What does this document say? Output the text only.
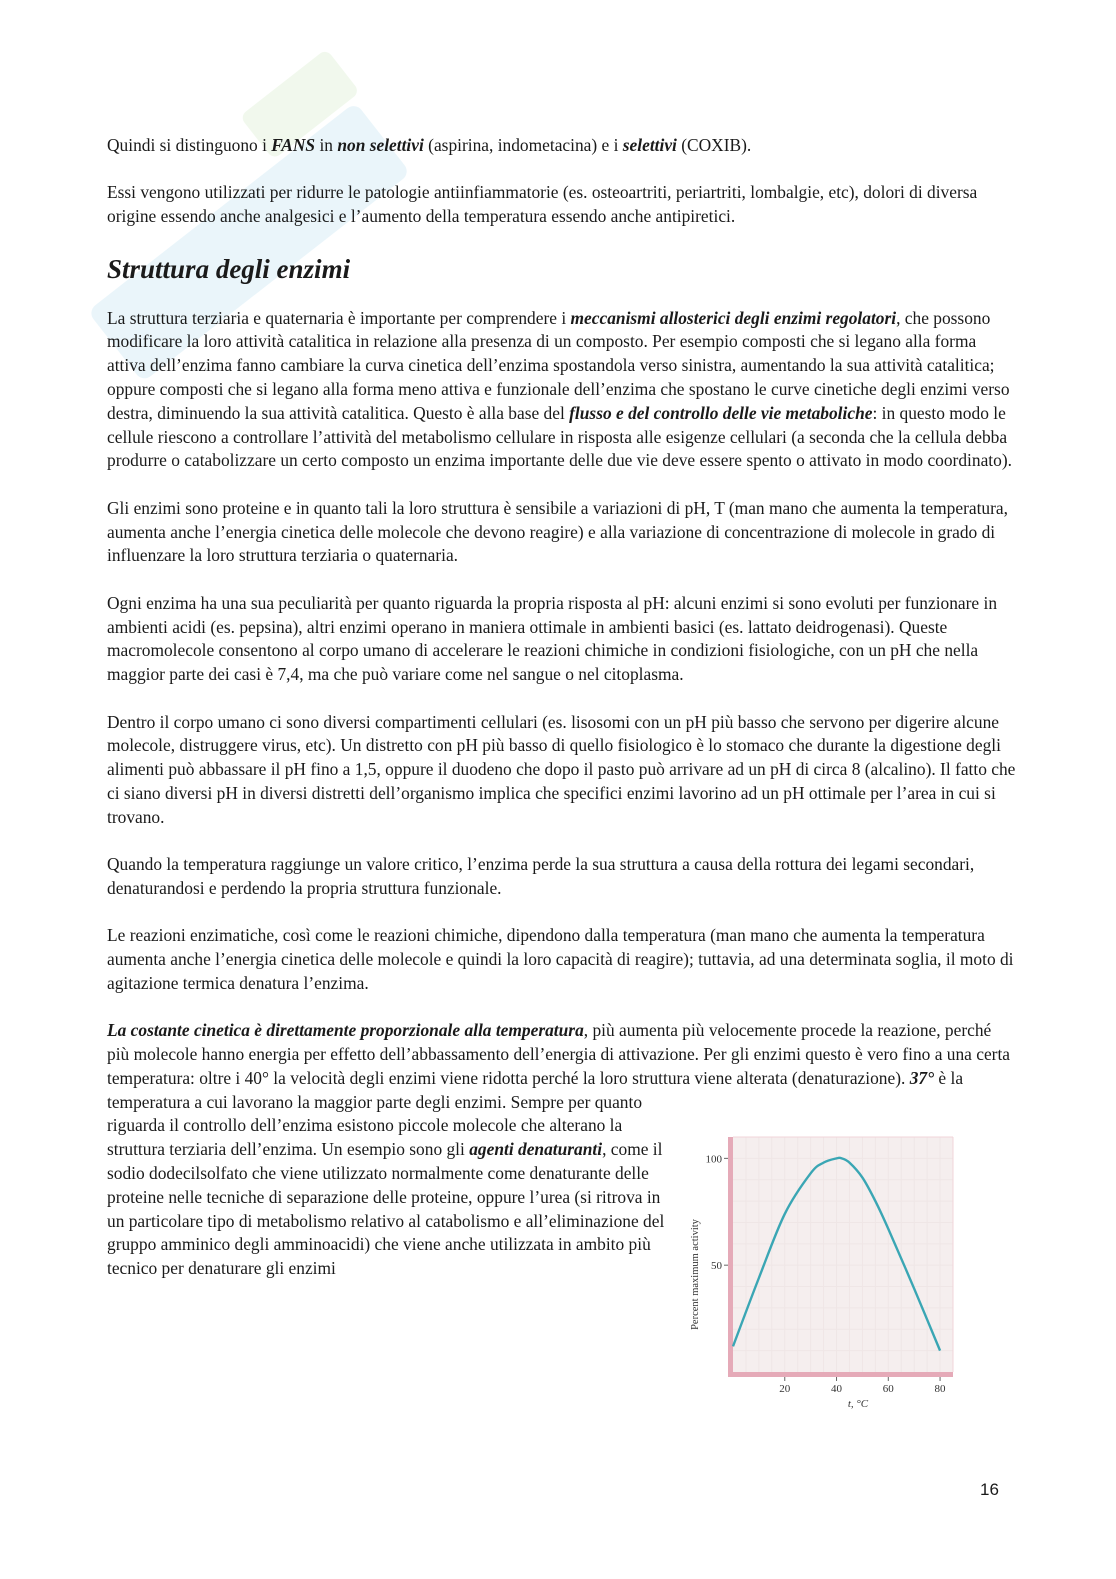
Quindi si distinguono i FANS in non selettivi (aspirina, indometacina) e i selettivi (COXIB).

Essi vengono utilizzati per ridurre le patologie antiinfiammatorie (es. osteoartriti, periartriti, lombalgie, etc), dolori di diversa origine essendo anche analgesici e l’aumento della temperatura essendo anche antipiretici.

Struttura degli enzimi

La struttura terziaria e quaternaria è importante per comprendere i meccanismi allosterici degli enzimi regolatori, che possono modificare la loro attività catalitica in relazione alla presenza di un composto. Per esempio composti che si legano alla forma attiva dell’enzima fanno cambiare la curva cinetica dell’enzima spostandola verso sinistra, aumentando la sua attività catalitica; oppure composti che si legano alla forma meno attiva e funzionale dell’enzima che spostano le curve cinetiche degli enzimi verso destra, diminuendo la sua attività catalitica. Questo è alla base del flusso e del controllo delle vie metaboliche: in questo modo le cellule riescono a controllare l’attività del metabolismo cellulare in risposta alle esigenze cellulari (a seconda che la cellula debba produrre o catabolizzare un certo composto un enzima importante delle due vie deve essere spento o attivato in modo coordinato).

Gli enzimi sono proteine e in quanto tali la loro struttura è sensibile a variazioni di pH, T (man mano che aumenta la temperatura, aumenta anche l’energia cinetica delle molecole che devono reagire) e alla variazione di concentrazione di molecole in grado di influenzare la loro struttura terziaria o quaternaria.

Ogni enzima ha una sua peculiarità per quanto riguarda la propria risposta al pH: alcuni enzimi si sono evoluti per funzionare in ambienti acidi (es. pepsina), altri enzimi operano in maniera ottimale in ambienti basici (es. lattato deidrogenasi). Queste macromolecole consentono al corpo umano di accelerare le reazioni chimiche in condizioni fisiologiche, con un pH che nella maggior parte dei casi è 7,4, ma che può variare come nel sangue o nel citoplasma.

Dentro il corpo umano ci sono diversi compartimenti cellulari (es. lisosomi con un pH più basso che servono per digerire alcune molecole, distruggere virus, etc). Un distretto con pH più basso di quello fisiologico è lo stomaco che durante la digestione degli alimenti può abbassare il pH fino a 1,5, oppure il duodeno che dopo il pasto può arrivare ad un pH di circa 8 (alcalino). Il fatto che ci siano diversi pH in diversi distretti dell’organismo implica che specifici enzimi lavorino ad un pH ottimale per l’area in cui si trovano.

Quando la temperatura raggiunge un valore critico, l’enzima perde la sua struttura a causa della rottura dei legami secondari, denaturandosi e perdendo la propria struttura funzionale.

Le reazioni enzimatiche, così come le reazioni chimiche, dipendono dalla temperatura (man mano che aumenta la temperatura aumenta anche l’energia cinetica delle molecole e quindi la loro capacità di reagire); tuttavia, ad una determinata soglia, il moto di agitazione termica denatura l’enzima.

La costante cinetica è direttamente proporzionale alla temperatura, più aumenta più velocemente procede la reazione, perché più molecole hanno energia per effetto dell’abbassamento dell’energia di attivazione. Per gli enzimi questo è vero fino a una certa temperatura: oltre i 40° la velocità degli enzimi viene ridotta perché la loro struttura viene alterata (denaturazione).
20	40	60	80
50
100
t, °C
Percent maximum activity
37° è la temperatura a cui lavorano la maggior parte degli enzimi. Sempre per quanto riguarda il controllo dell’enzima esistono piccole molecole che alterano la struttura terziaria dell’enzima. Un esempio sono gli agenti denaturanti, come il sodio dodecilsolfato che viene utilizzato normalmente come denaturante delle proteine nelle tecniche di separazione delle proteine, oppure l’urea (si ritrova in un particolare tipo di metabolismo relativo al catabolismo e all’eliminazione del gruppo amminico degli amminoacidi) che viene anche utilizzata in ambito più tecnico per denaturare gli enzimi

16
